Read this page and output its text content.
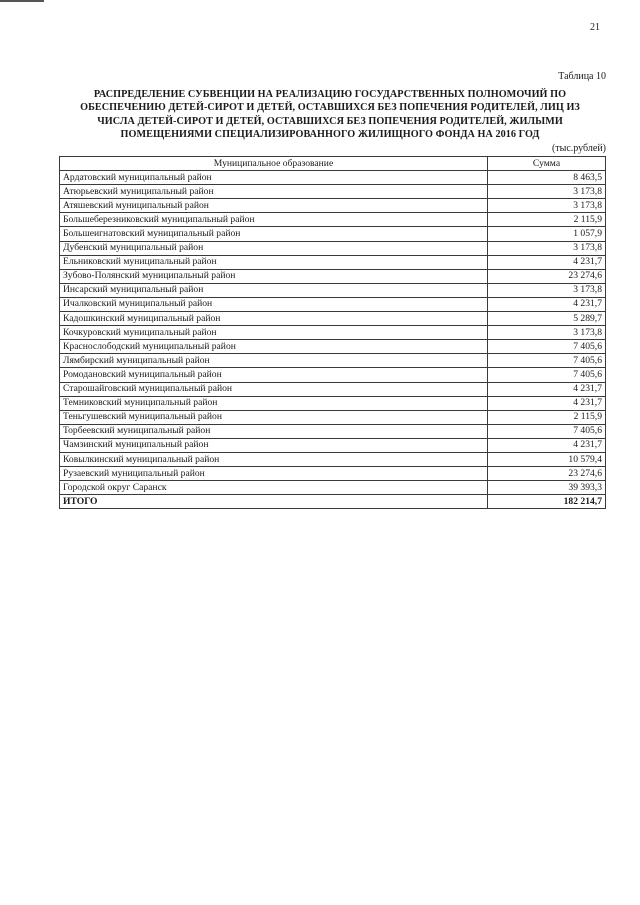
21
Таблица 10
РАСПРЕДЕЛЕНИЕ СУБВЕНЦИИ НА РЕАЛИЗАЦИЮ ГОСУДАРСТВЕННЫХ ПОЛНОМОЧИЙ ПО
ОБЕСПЕЧЕНИЮ ДЕТЕЙ-СИРОТ И ДЕТЕЙ, ОСТАВШИХСЯ БЕЗ ПОПЕЧЕНИЯ РОДИТЕЛЕЙ, ЛИЦ ИЗ
ЧИСЛА ДЕТЕЙ-СИРОТ И ДЕТЕЙ, ОСТАВШИХСЯ БЕЗ ПОПЕЧЕНИЯ РОДИТЕЛЕЙ, ЖИЛЫМИ
ПОМЕЩЕНИЯМИ СПЕЦИАЛИЗИРОВАННОГО ЖИЛИЩНОГО ФОНДА НА 2016 ГОД
(тыс.рублей)
Муниципальное образование	Сумма
Ардатовский муниципальный район	8 463,5
Атюрьевский муниципальный район	3 173,8
Атяшевский муниципальный район	3 173,8
Большеберезниковский муниципальный район	2 115,9
Большеигнатовский муниципальный район	1 057,9
Дубенский муниципальный район	3 173,8
Ельниковский муниципальный район	4 231,7
Зубово-Полянский муниципальный район	23 274,6
Инсарский муниципальный район	3 173,8
Ичалковский муниципальный район	4 231,7
Кадошкинский муниципальный район	5 289,7
Кочкуровский муниципальный район	3 173,8
Краснослободский муниципальный район	7 405,6
Лямбирский муниципальный район	7 405,6
Ромодановский муниципальный район	7 405,6
Старошайговский муниципальный район	4 231,7
Темниковский муниципальный район	4 231,7
Теньгушевский муниципальный район	2 115,9
Торбеевский муниципальный район	7 405,6
Чамзинский муниципальный район	4 231,7
Ковылкинский муниципальный район	10 579,4
Рузаевский муниципальный район	23 274,6
Городской округ Саранск	39 393,3
ИТОГО	182 214,7
